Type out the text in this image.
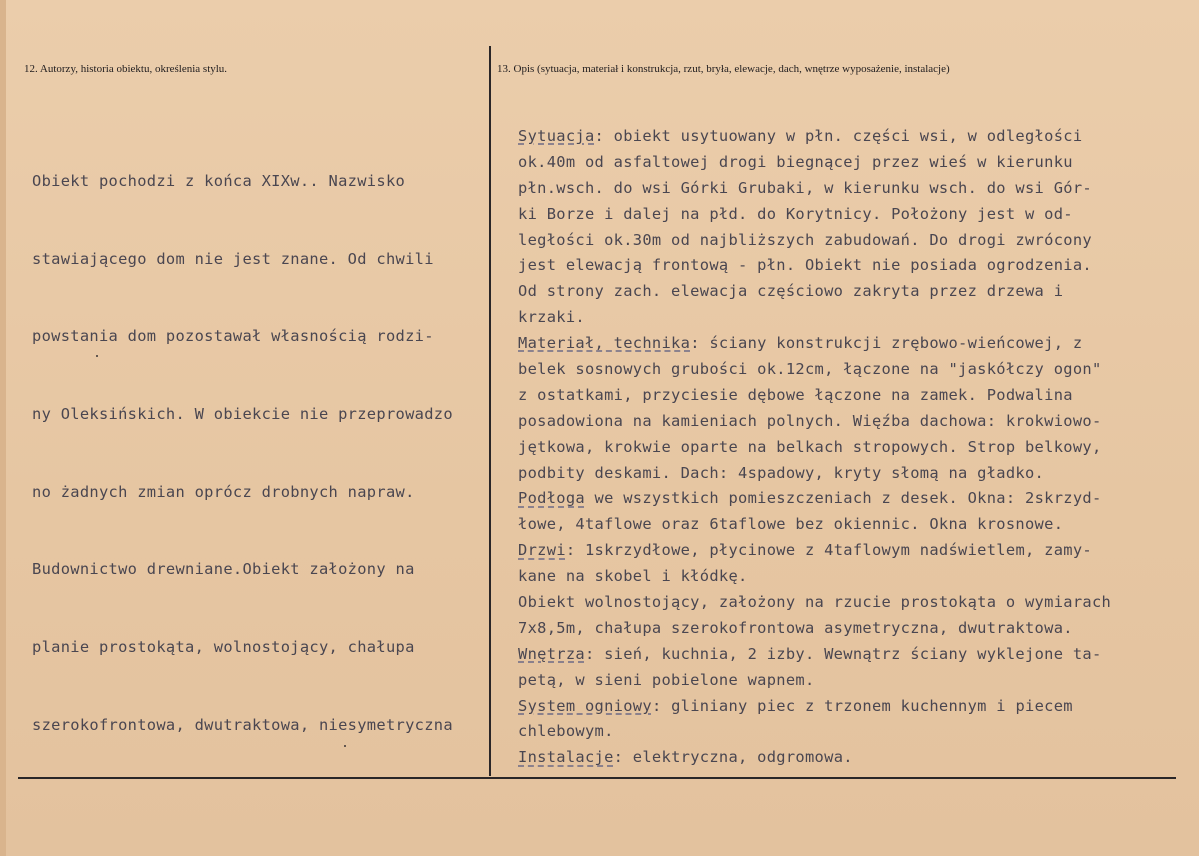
12. Autorzy, historia obiektu, określenia stylu.	13. Opis (sytuacja, materiał i konstrukcja, rzut, bryła, elewacje, dach, wnętrze wyposażenie, instalacje)

Obiekt pochodzi z końca XIXw.. Nazwisko

stawiającego dom nie jest znane. Od chwili

powstania dom pozostawał własnością rodzi-

ny Oleksińskich. W obiekcie nie przeprowadzo

no żadnych zmian oprócz drobnych napraw.

Budownictwo drewniane.Obiekt założony na

planie prostokąta, wolnostojący, chałupa

szerokofrontowa, dwutraktowa, niesymetryczna

Sytuacja: obiekt usytuowany w płn. części wsi, w odległości
ok.40m od asfaltowej drogi biegnącej przez wieś w kierunku
płn.wsch. do wsi Górki Grubaki, w kierunku wsch. do wsi Gór-
ki Borze i dalej na płd. do Korytnicy. Położony jest w od-
ległości ok.30m od najbliższych zabudowań. Do drogi zwrócony
jest elewacją frontową - płn. Obiekt nie posiada ogrodzenia.
Od strony zach. elewacja częściowo zakryta przez drzewa i
krzaki.
Materiał, technika: ściany konstrukcji zrębowo-wieńcowej, z
belek sosnowych grubości ok.12cm, łączone na "jaskółczy ogon"
z ostatkami, przyciesie dębowe łączone na zamek. Podwalina
posadowiona na kamieniach polnych. Więźba dachowa: krokwiowo-
jętkowa, krokwie oparte na belkach stropowych. Strop belkowy,
podbity deskami. Dach: 4spadowy, kryty słomą na gładko.
Podłoga we wszystkich pomieszczeniach z desek. Okna: 2skrzyd-
łowe, 4taflowe oraz 6taflowe bez okiennic. Okna krosnowe.
Drzwi: 1skrzydłowe, płycinowe z 4taflowym nadświetlem, zamy-
kane na skobel i kłódkę.
Obiekt wolnostojący, założony na rzucie prostokąta o wymiarach
7x8,5m, chałupa szerokofrontowa asymetryczna, dwutraktowa.
Wnętrza: sień, kuchnia, 2 izby. Wewnątrz ściany wyklejone ta-
petą, w sieni pobielone wapnem.
System ogniowy: gliniany piec z trzonem kuchennym i piecem
chlebowym.
Instalacje: elektryczna, odgromowa.
